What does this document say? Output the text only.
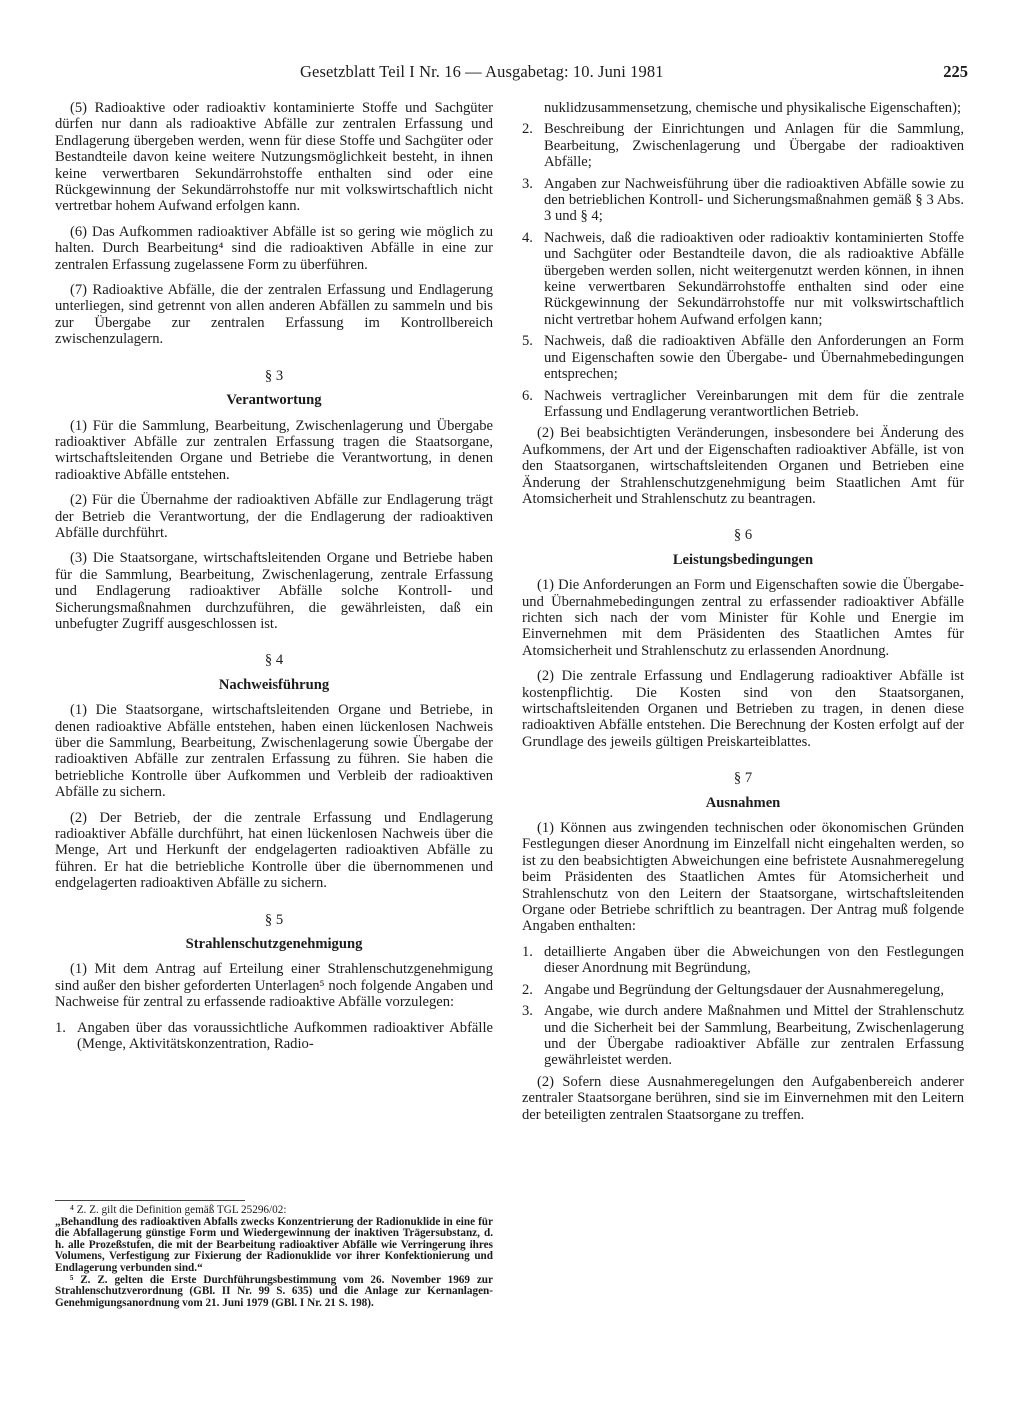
Gesetzblatt Teil I Nr. 16 — Ausgabetag: 10. Juni 1981	225

(5) Radioaktive oder radioaktiv kontaminierte Stoffe und Sachgüter dürfen nur dann als radioaktive Abfälle zur zentralen Erfassung und Endlagerung übergeben werden, wenn für diese Stoffe und Sachgüter oder Bestandteile davon keine weitere Nutzungsmöglichkeit besteht, in ihnen keine verwertbaren Sekundärrohstoffe enthalten sind oder eine Rückgewinnung der Sekundärrohstoffe nur mit volkswirtschaftlich nicht vertretbar hohem Aufwand erfolgen kann.

(6) Das Aufkommen radioaktiver Abfälle ist so gering wie möglich zu halten. Durch Bearbeitung⁴ sind die radioaktiven Abfälle in eine zur zentralen Erfassung zugelassene Form zu überführen.

(7) Radioaktive Abfälle, die der zentralen Erfassung und Endlagerung unterliegen, sind getrennt von allen anderen Abfällen zu sammeln und bis zur Übergabe zur zentralen Erfassung im Kontrollbereich zwischenzulagern.

§ 3
Verantwortung

(1) Für die Sammlung, Bearbeitung, Zwischenlagerung und Übergabe radioaktiver Abfälle zur zentralen Erfassung tragen die Staatsorgane, wirtschaftsleitenden Organe und Betriebe die Verantwortung, in denen radioaktive Abfälle entstehen.

(2) Für die Übernahme der radioaktiven Abfälle zur Endlagerung trägt der Betrieb die Verantwortung, der die Endlagerung der radioaktiven Abfälle durchführt.

(3) Die Staatsorgane, wirtschaftsleitenden Organe und Betriebe haben für die Sammlung, Bearbeitung, Zwischenlagerung, zentrale Erfassung und Endlagerung radioaktiver Abfälle solche Kontroll- und Sicherungsmaßnahmen durchzuführen, die gewährleisten, daß ein unbefugter Zugriff ausgeschlossen ist.

§ 4
Nachweisführung

(1) Die Staatsorgane, wirtschaftsleitenden Organe und Betriebe, in denen radioaktive Abfälle entstehen, haben einen lückenlosen Nachweis über die Sammlung, Bearbeitung, Zwischenlagerung sowie Übergabe der radioaktiven Abfälle zur zentralen Erfassung zu führen. Sie haben die betriebliche Kontrolle über Aufkommen und Verbleib der radioaktiven Abfälle zu sichern.

(2) Der Betrieb, der die zentrale Erfassung und Endlagerung radioaktiver Abfälle durchführt, hat einen lückenlosen Nachweis über die Menge, Art und Herkunft der endgelagerten radioaktiven Abfälle zu führen. Er hat die betriebliche Kontrolle über die übernommenen und endgelagerten radioaktiven Abfälle zu sichern.

§ 5
Strahlenschutzgenehmigung

(1) Mit dem Antrag auf Erteilung einer Strahlenschutzgenehmigung sind außer den bisher geforderten Unterlagen⁵ noch folgende Angaben und Nachweise für zentral zu erfassende radioaktive Abfälle vorzulegen:

1. Angaben über das voraussichtliche Aufkommen radioaktiver Abfälle (Menge, Aktivitätskonzentration, Radio-

⁴ Z. Z. gilt die Definition gemäß TGL 25296/02:

„Behandlung des radioaktiven Abfalls zwecks Konzentrierung der Radionuklide in eine für die Abfallagerung günstige Form und Wiedergewinnung der inaktiven Trägersubstanz, d. h. alle Prozeßstufen, die mit der Bearbeitung radioaktiver Abfälle wie Verringerung ihres Volumens, Verfestigung zur Fixierung der Radionuklide vor ihrer Konfektionierung und Endlagerung verbunden sind.“

⁵ Z. Z. gelten die Erste Durchführungsbestimmung vom 26. November 1969 zur Strahlenschutzverordnung (GBl. II Nr. 99 S. 635) und die Anlage zur Kernanlagen-Genehmigungsanordnung vom 21. Juni 1979 (GBl. I Nr. 21 S. 198).

nuklidzusammensetzung, chemische und physikalische Eigenschaften);

2. Beschreibung der Einrichtungen und Anlagen für die Sammlung, Bearbeitung, Zwischenlagerung und Übergabe der radioaktiven Abfälle;
3. Angaben zur Nachweisführung über die radioaktiven Abfälle sowie zu den betrieblichen Kontroll- und Sicherungsmaßnahmen gemäß § 3 Abs. 3 und § 4;
4. Nachweis, daß die radioaktiven oder radioaktiv kontaminierten Stoffe und Sachgüter oder Bestandteile davon, die als radioaktive Abfälle übergeben werden sollen, nicht weitergenutzt werden können, in ihnen keine verwertbaren Sekundärrohstoffe enthalten sind oder eine Rückgewinnung der Sekundärrohstoffe nur mit volkswirtschaftlich nicht vertretbar hohem Aufwand erfolgen kann;
5. Nachweis, daß die radioaktiven Abfälle den Anforderungen an Form und Eigenschaften sowie den Übergabe- und Übernahmebedingungen entsprechen;
6. Nachweis vertraglicher Vereinbarungen mit dem für die zentrale Erfassung und Endlagerung verantwortlichen Betrieb.

(2) Bei beabsichtigten Veränderungen, insbesondere bei Änderung des Aufkommens, der Art und der Eigenschaften radioaktiver Abfälle, ist von den Staatsorganen, wirtschaftsleitenden Organen und Betrieben eine Änderung der Strahlenschutzgenehmigung beim Staatlichen Amt für Atomsicherheit und Strahlenschutz zu beantragen.

§ 6
Leistungsbedingungen

(1) Die Anforderungen an Form und Eigenschaften sowie die Übergabe- und Übernahmebedingungen zentral zu erfassender radioaktiver Abfälle richten sich nach der vom Minister für Kohle und Energie im Einvernehmen mit dem Präsidenten des Staatlichen Amtes für Atomsicherheit und Strahlenschutz zu erlassenden Anordnung.

(2) Die zentrale Erfassung und Endlagerung radioaktiver Abfälle ist kostenpflichtig. Die Kosten sind von den Staatsorganen, wirtschaftsleitenden Organen und Betrieben zu tragen, in denen diese radioaktiven Abfälle entstehen. Die Berechnung der Kosten erfolgt auf der Grundlage des jeweils gültigen Preiskarteiblattes.

§ 7
Ausnahmen

(1) Können aus zwingenden technischen oder ökonomischen Gründen Festlegungen dieser Anordnung im Einzelfall nicht eingehalten werden, so ist zu den beabsichtigten Abweichungen eine befristete Ausnahmeregelung beim Präsidenten des Staatlichen Amtes für Atomsicherheit und Strahlenschutz von den Leitern der Staatsorgane, wirtschaftsleitenden Organe oder Betriebe schriftlich zu beantragen. Der Antrag muß folgende Angaben enthalten:

1. detaillierte Angaben über die Abweichungen von den Festlegungen dieser Anordnung mit Begründung,
2. Angabe und Begründung der Geltungsdauer der Ausnahmeregelung,
3. Angabe, wie durch andere Maßnahmen und Mittel der Strahlenschutz und die Sicherheit bei der Sammlung, Bearbeitung, Zwischenlagerung und der Übergabe radioaktiver Abfälle zur zentralen Erfassung gewährleistet werden.

(2) Sofern diese Ausnahmeregelungen den Aufgabenbereich anderer zentraler Staatsorgane berühren, sind sie im Einvernehmen mit den Leitern der beteiligten zentralen Staatsorgane zu treffen.
